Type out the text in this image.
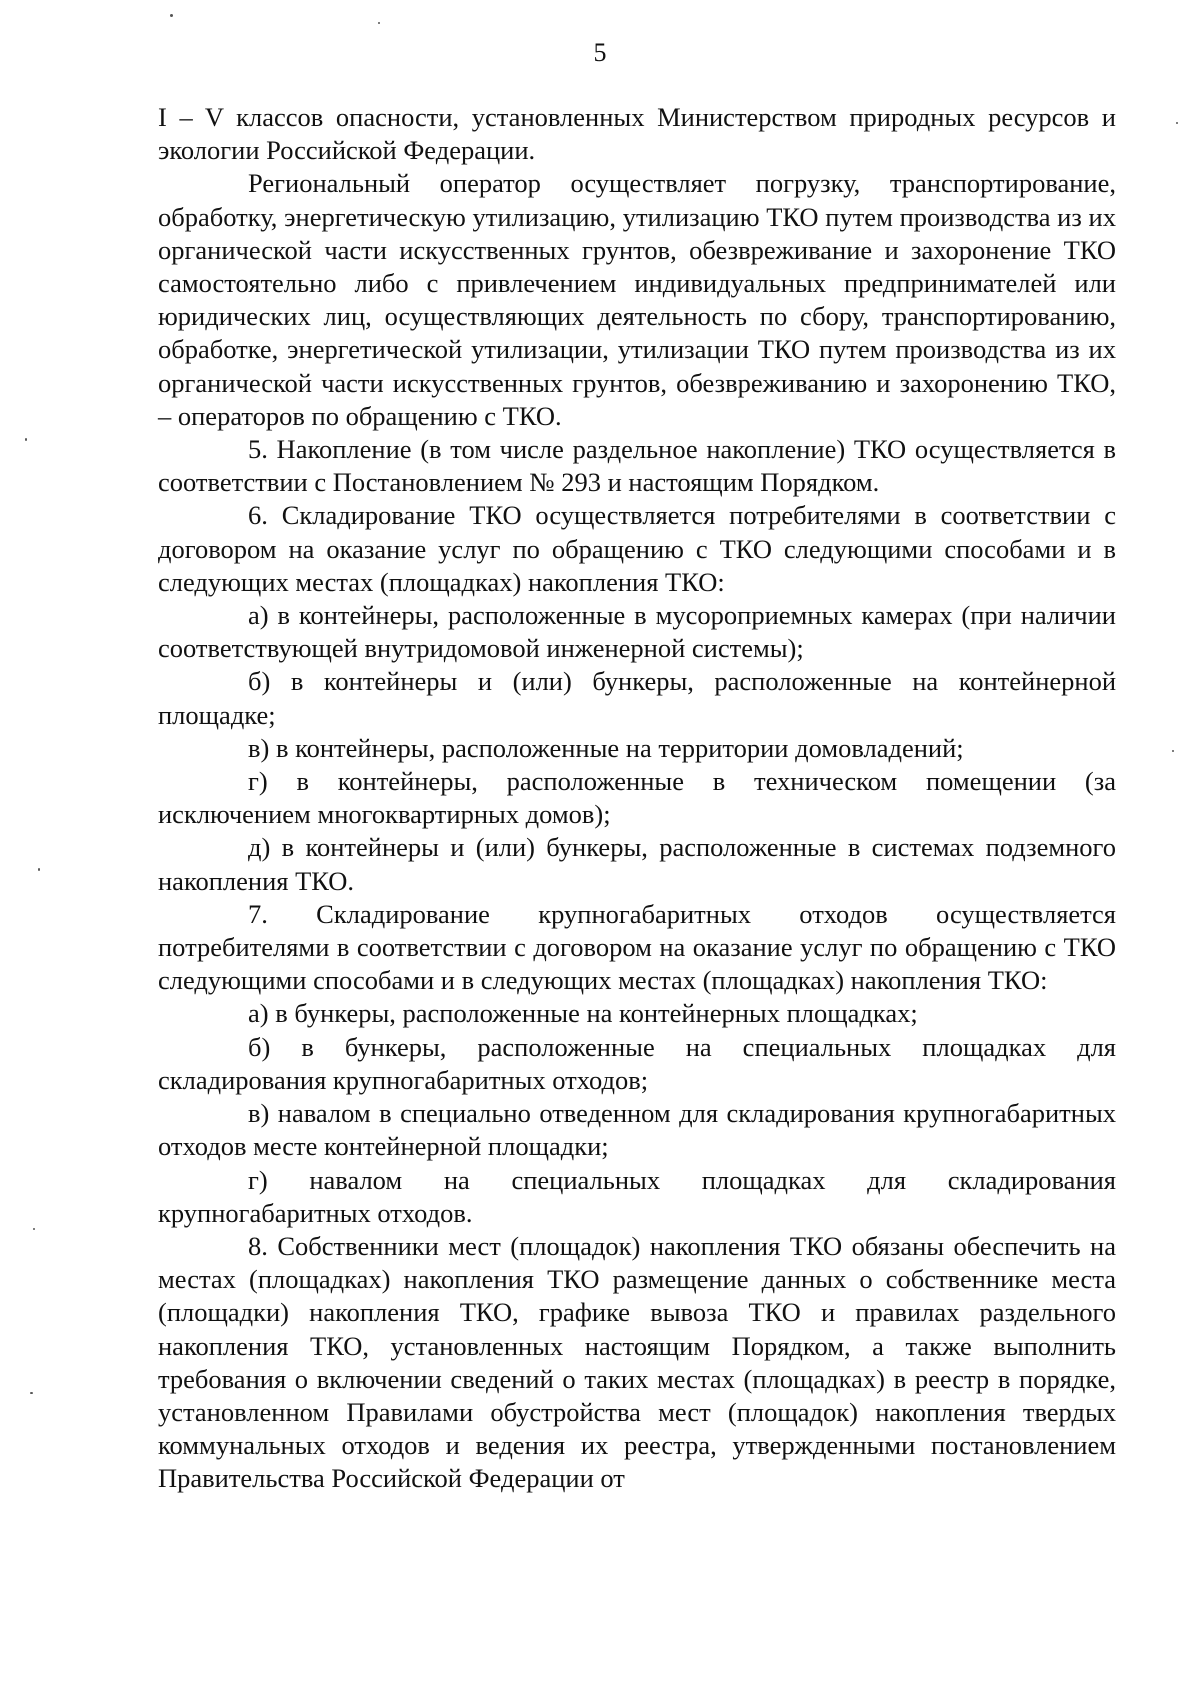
5

I – V классов опасности, установленных Министерством природных ресурсов и экологии Российской Федерации.

Региональный оператор осуществляет погрузку, транспортирование, обработку, энергетическую утилизацию, утилизацию ТКО путем производства из их органической части искусственных грунтов, обезвреживание и захоронение ТКО самостоятельно либо с привлечением индивидуальных предпринимателей или юридических лиц, осуществляющих деятельность по сбору, транспортированию, обработке, энергетической утилизации, утилизации ТКО путем производства из их органической части искусственных грунтов, обезвреживанию и захоронению ТКО, – операторов по обращению с ТКО.

5. Накопление (в том числе раздельное накопление) ТКО осуществляется в соответствии с Постановлением № 293 и настоящим Порядком.

6. Складирование ТКО осуществляется потребителями в соответствии с договором на оказание услуг по обращению с ТКО следующими способами и в следующих местах (площадках) накопления ТКО:

а) в контейнеры, расположенные в мусороприемных камерах (при наличии соответствующей внутридомовой инженерной системы);

б) в контейнеры и (или) бункеры, расположенные на контейнерной площадке;

в) в контейнеры, расположенные на территории домовладений;

г) в контейнеры, расположенные в техническом помещении (за исключением многоквартирных домов);

д) в контейнеры и (или) бункеры, расположенные в системах подземного накопления ТКО.

7. Складирование крупногабаритных отходов осуществляется потребителями в соответствии с договором на оказание услуг по обращению с ТКО следующими способами и в следующих местах (площадках) накопления ТКО:

а) в бункеры, расположенные на контейнерных площадках;

б) в бункеры, расположенные на специальных площадках для складирования крупногабаритных отходов;

в) навалом в специально отведенном для складирования крупногабаритных отходов месте контейнерной площадки;

г) навалом на специальных площадках для складирования крупногабаритных отходов.

8. Собственники мест (площадок) накопления ТКО обязаны обеспечить на местах (площадках) накопления ТКО размещение данных о собственнике места (площадки) накопления ТКО, графике вывоза ТКО и правилах раздельного накопления ТКО, установленных настоящим Порядком, а также выполнить требования о включении сведений о таких местах (площадках) в реестр в порядке, установленном Правилами обустройства мест (площадок) накопления твердых коммунальных отходов и ведения их реестра, утвержденными постановлением Правительства Российской Федерации от
